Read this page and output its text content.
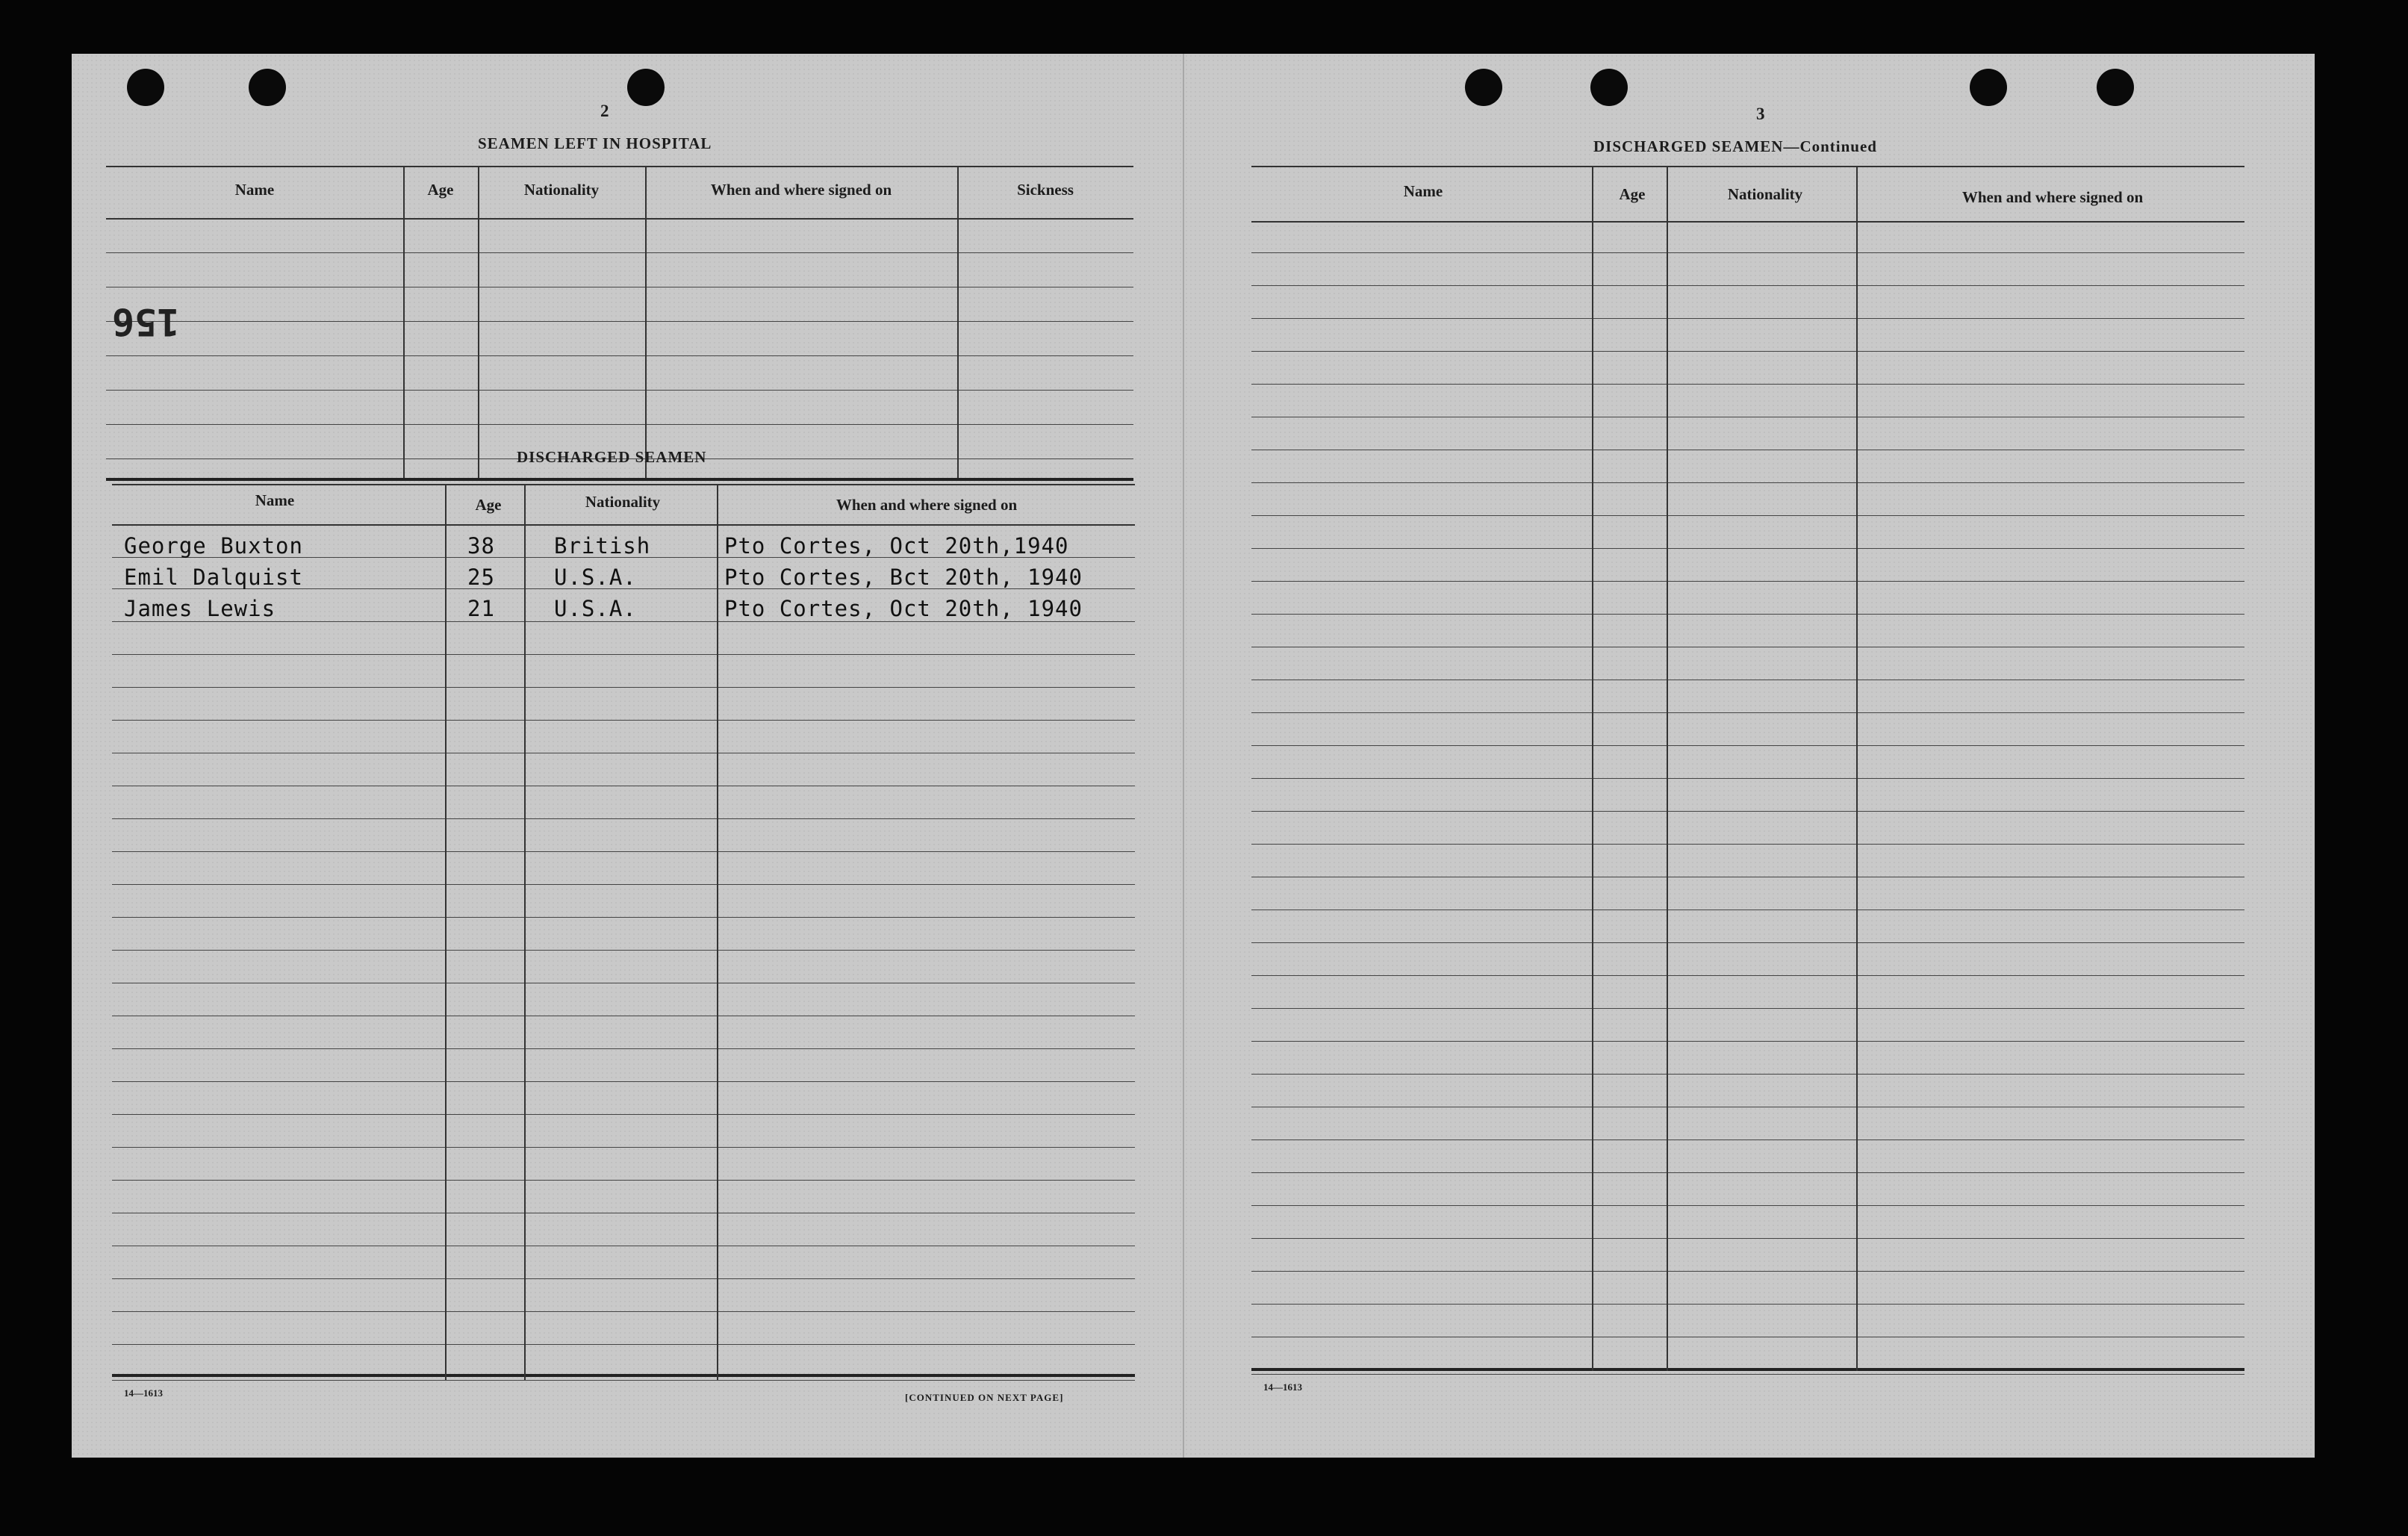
2
SEAMEN LEFT IN HOSPITAL
Name	Age	Nationality	When and where signed on	Sickness
156
DISCHARGED SEAMEN
Name	Age	Nationality	When and where signed on
George Buxton	38	British	Pto Cortes, Oct 20th,1940
Emil Dalquist	25	U.S.A.	Pto Cortes, Bct 20th, 1940
James Lewis	21	U.S.A.	Pto Cortes, Oct 20th, 1940
14—1613	[CONTINUED ON NEXT PAGE]
3
DISCHARGED SEAMEN—Continued
Name	Age	Nationality	When and where signed on
14—1613
